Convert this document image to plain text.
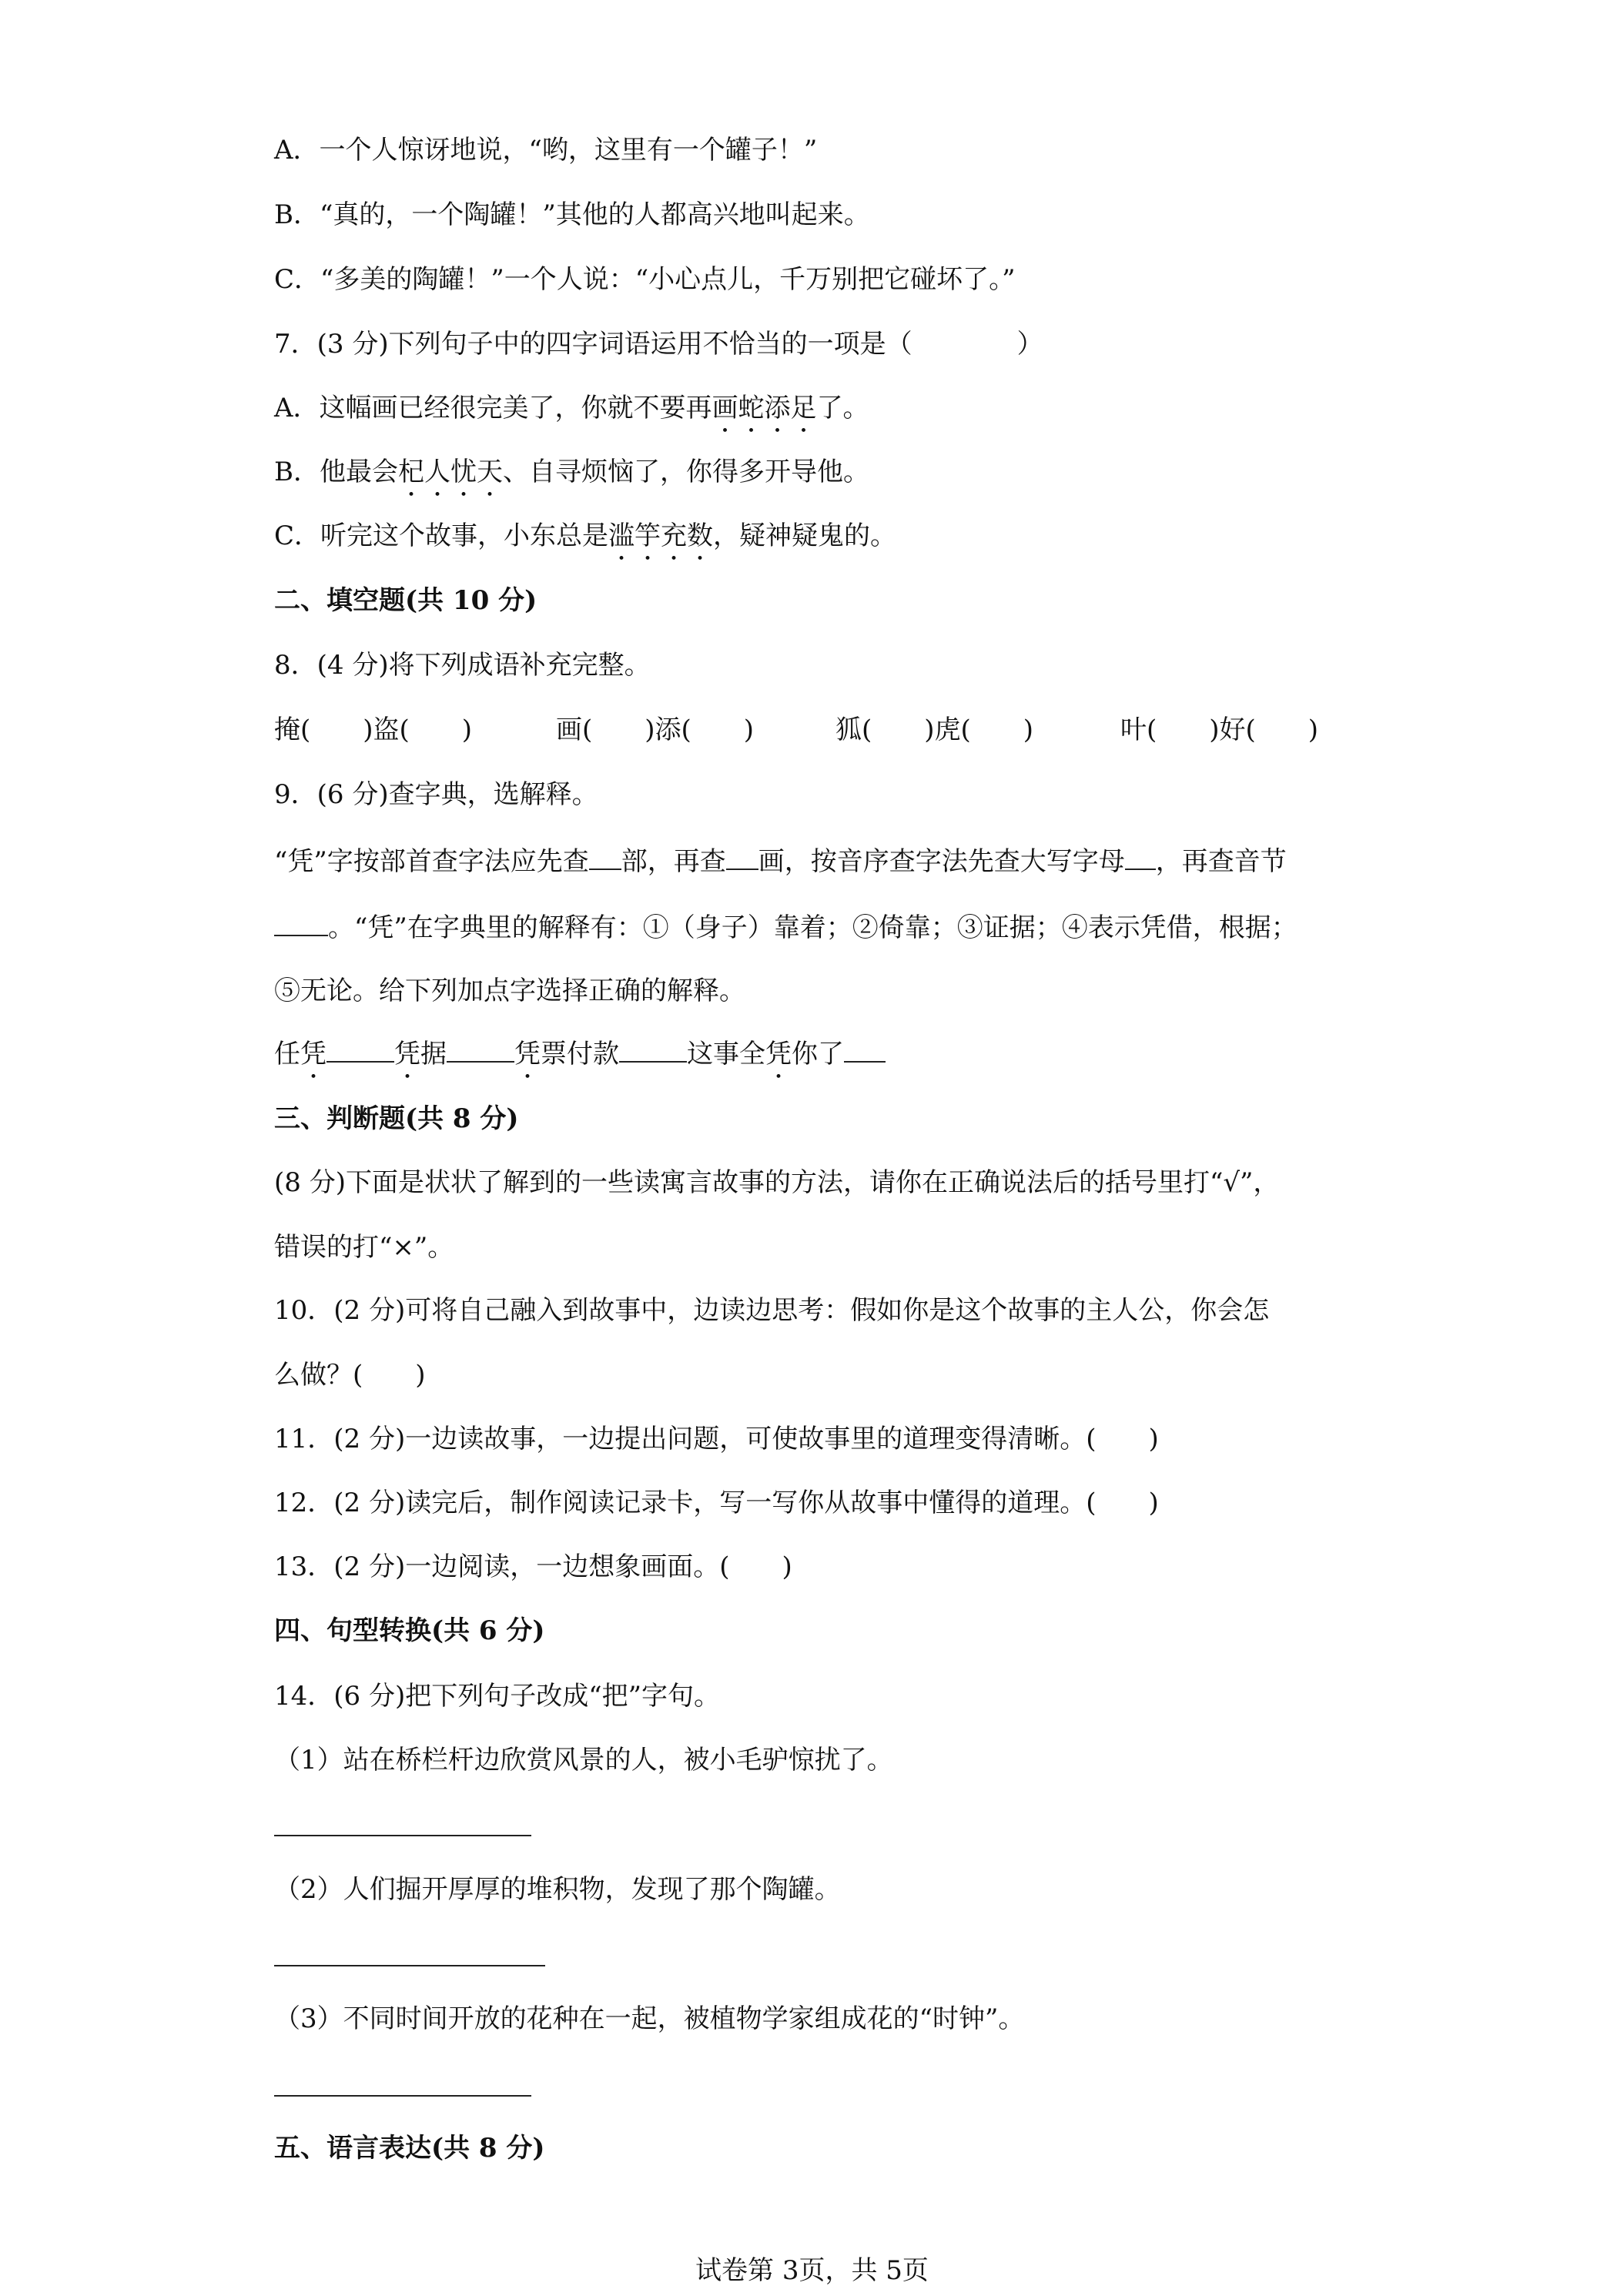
A．一个人惊讶地说，“哟，这里有一个罐子！”
B．“真的，一个陶罐！”其他的人都高兴地叫起来。
C．“多美的陶罐！”一个人说：“小心点儿，千万别把它碰坏了。”
7．(3 分)下列句子中的四字词语运用不恰当的一项是（　　　　）
A．这幅画已经很完美了，你就不要再画蛇添足了。
B．他最会杞人忧天、自寻烦恼了，你得多开导他。
C．听完这个故事，小东总是滥竽充数，疑神疑鬼的。
二、填空题(共 10 分)
8．(4 分)将下列成语补充完整。
掩(　　)盗(　　)	画(　　)添(　　)	狐(　　)虎(　　)	叶(　　)好(　　)
9．(6 分)查字典，选解释。
“凭”字按部首查字法应先查 部，再查 画，按音序查字法先查大写字母 ，再查音节
。“凭”在字典里的解释有：①（身子）靠着；②倚靠；③证据；④表示凭借，根据；
⑤无论。给下列加点字选择正确的解释。
任凭	凭据	凭票付款	这事全凭你了
三、判断题(共 8 分)
(8 分)下面是状状了解到的一些读寓言故事的方法，请你在正确说法后的括号里打“√”，
错误的打“×”。
10．(2 分)可将自己融入到故事中，边读边思考：假如你是这个故事的主人公，你会怎
么做？(　　)
11．(2 分)一边读故事，一边提出问题，可使故事里的道理变得清晰。(　　)
12．(2 分)读完后，制作阅读记录卡，写一写你从故事中懂得的道理。(　　)
13．(2 分)一边阅读，一边想象画面。(　　)
四、句型转换(共 6 分)
14．(6 分)把下列句子改成“把”字句。
（1）站在桥栏杆边欣赏风景的人，被小毛驴惊扰了。
（2）人们掘开厚厚的堆积物，发现了那个陶罐。
（3）不同时间开放的花种在一起，被植物学家组成花的“时钟”。
五、语言表达(共 8 分)
试卷第 3页，共 5页
